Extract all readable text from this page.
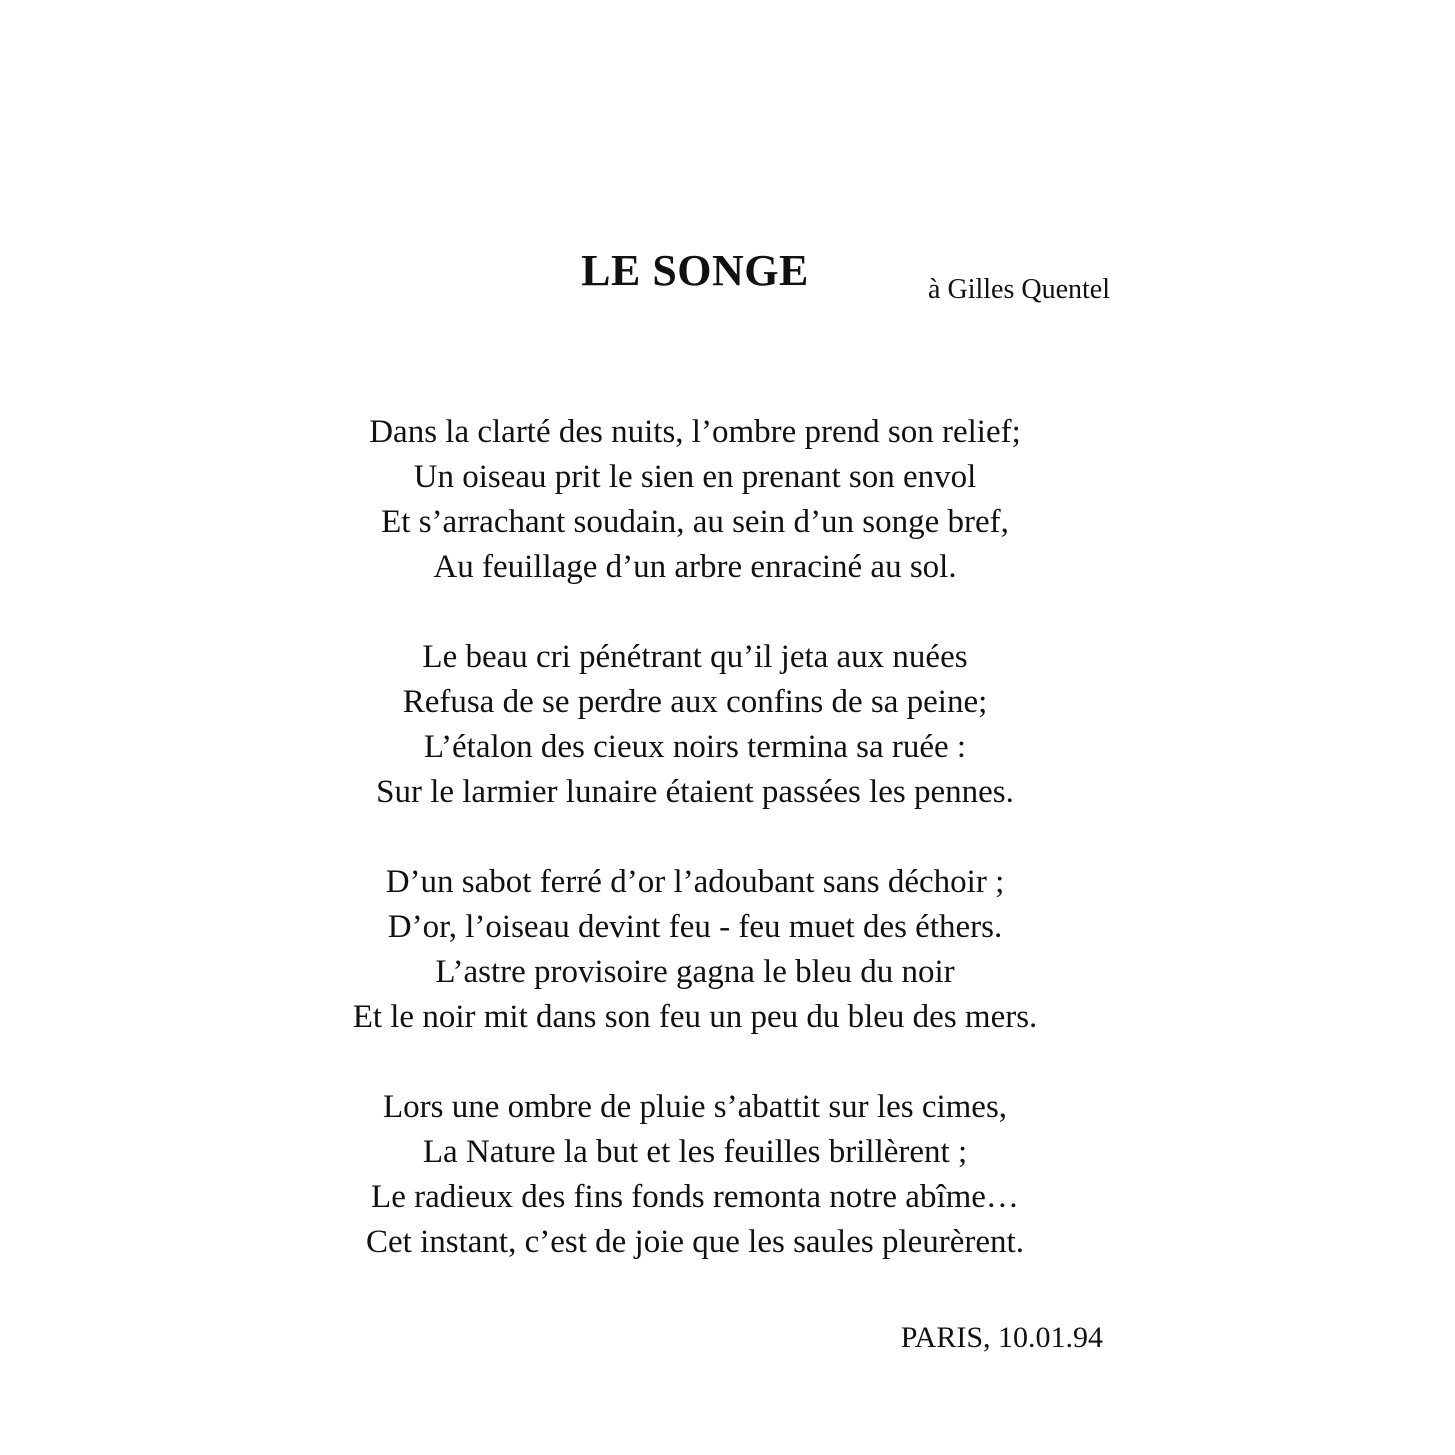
LE SONGE	à Gilles Quentel
Dans la clarté des nuits, l’ombre prend son relief;
Un oiseau prit le sien en prenant son envol
Et s’arrachant soudain, au sein d’un songe bref,
Au feuillage d’un arbre enraciné au sol.
Le beau cri pénétrant qu’il jeta aux nuées
Refusa de se perdre aux confins de sa peine;
L’étalon des cieux noirs termina sa ruée :
Sur le larmier lunaire étaient passées les pennes.
D’un sabot ferré d’or l’adoubant sans déchoir ;
D’or, l’oiseau devint feu - feu muet des éthers.
L’astre provisoire gagna le bleu du noir
Et le noir mit dans son feu un peu du bleu des mers.
Lors une ombre de pluie s’abattit sur les cimes,
La Nature la but et les feuilles brillèrent ;
Le radieux des fins fonds remonta notre abîme…
Cet instant, c’est de joie que les saules pleurèrent.
PARIS, 10.01.94
